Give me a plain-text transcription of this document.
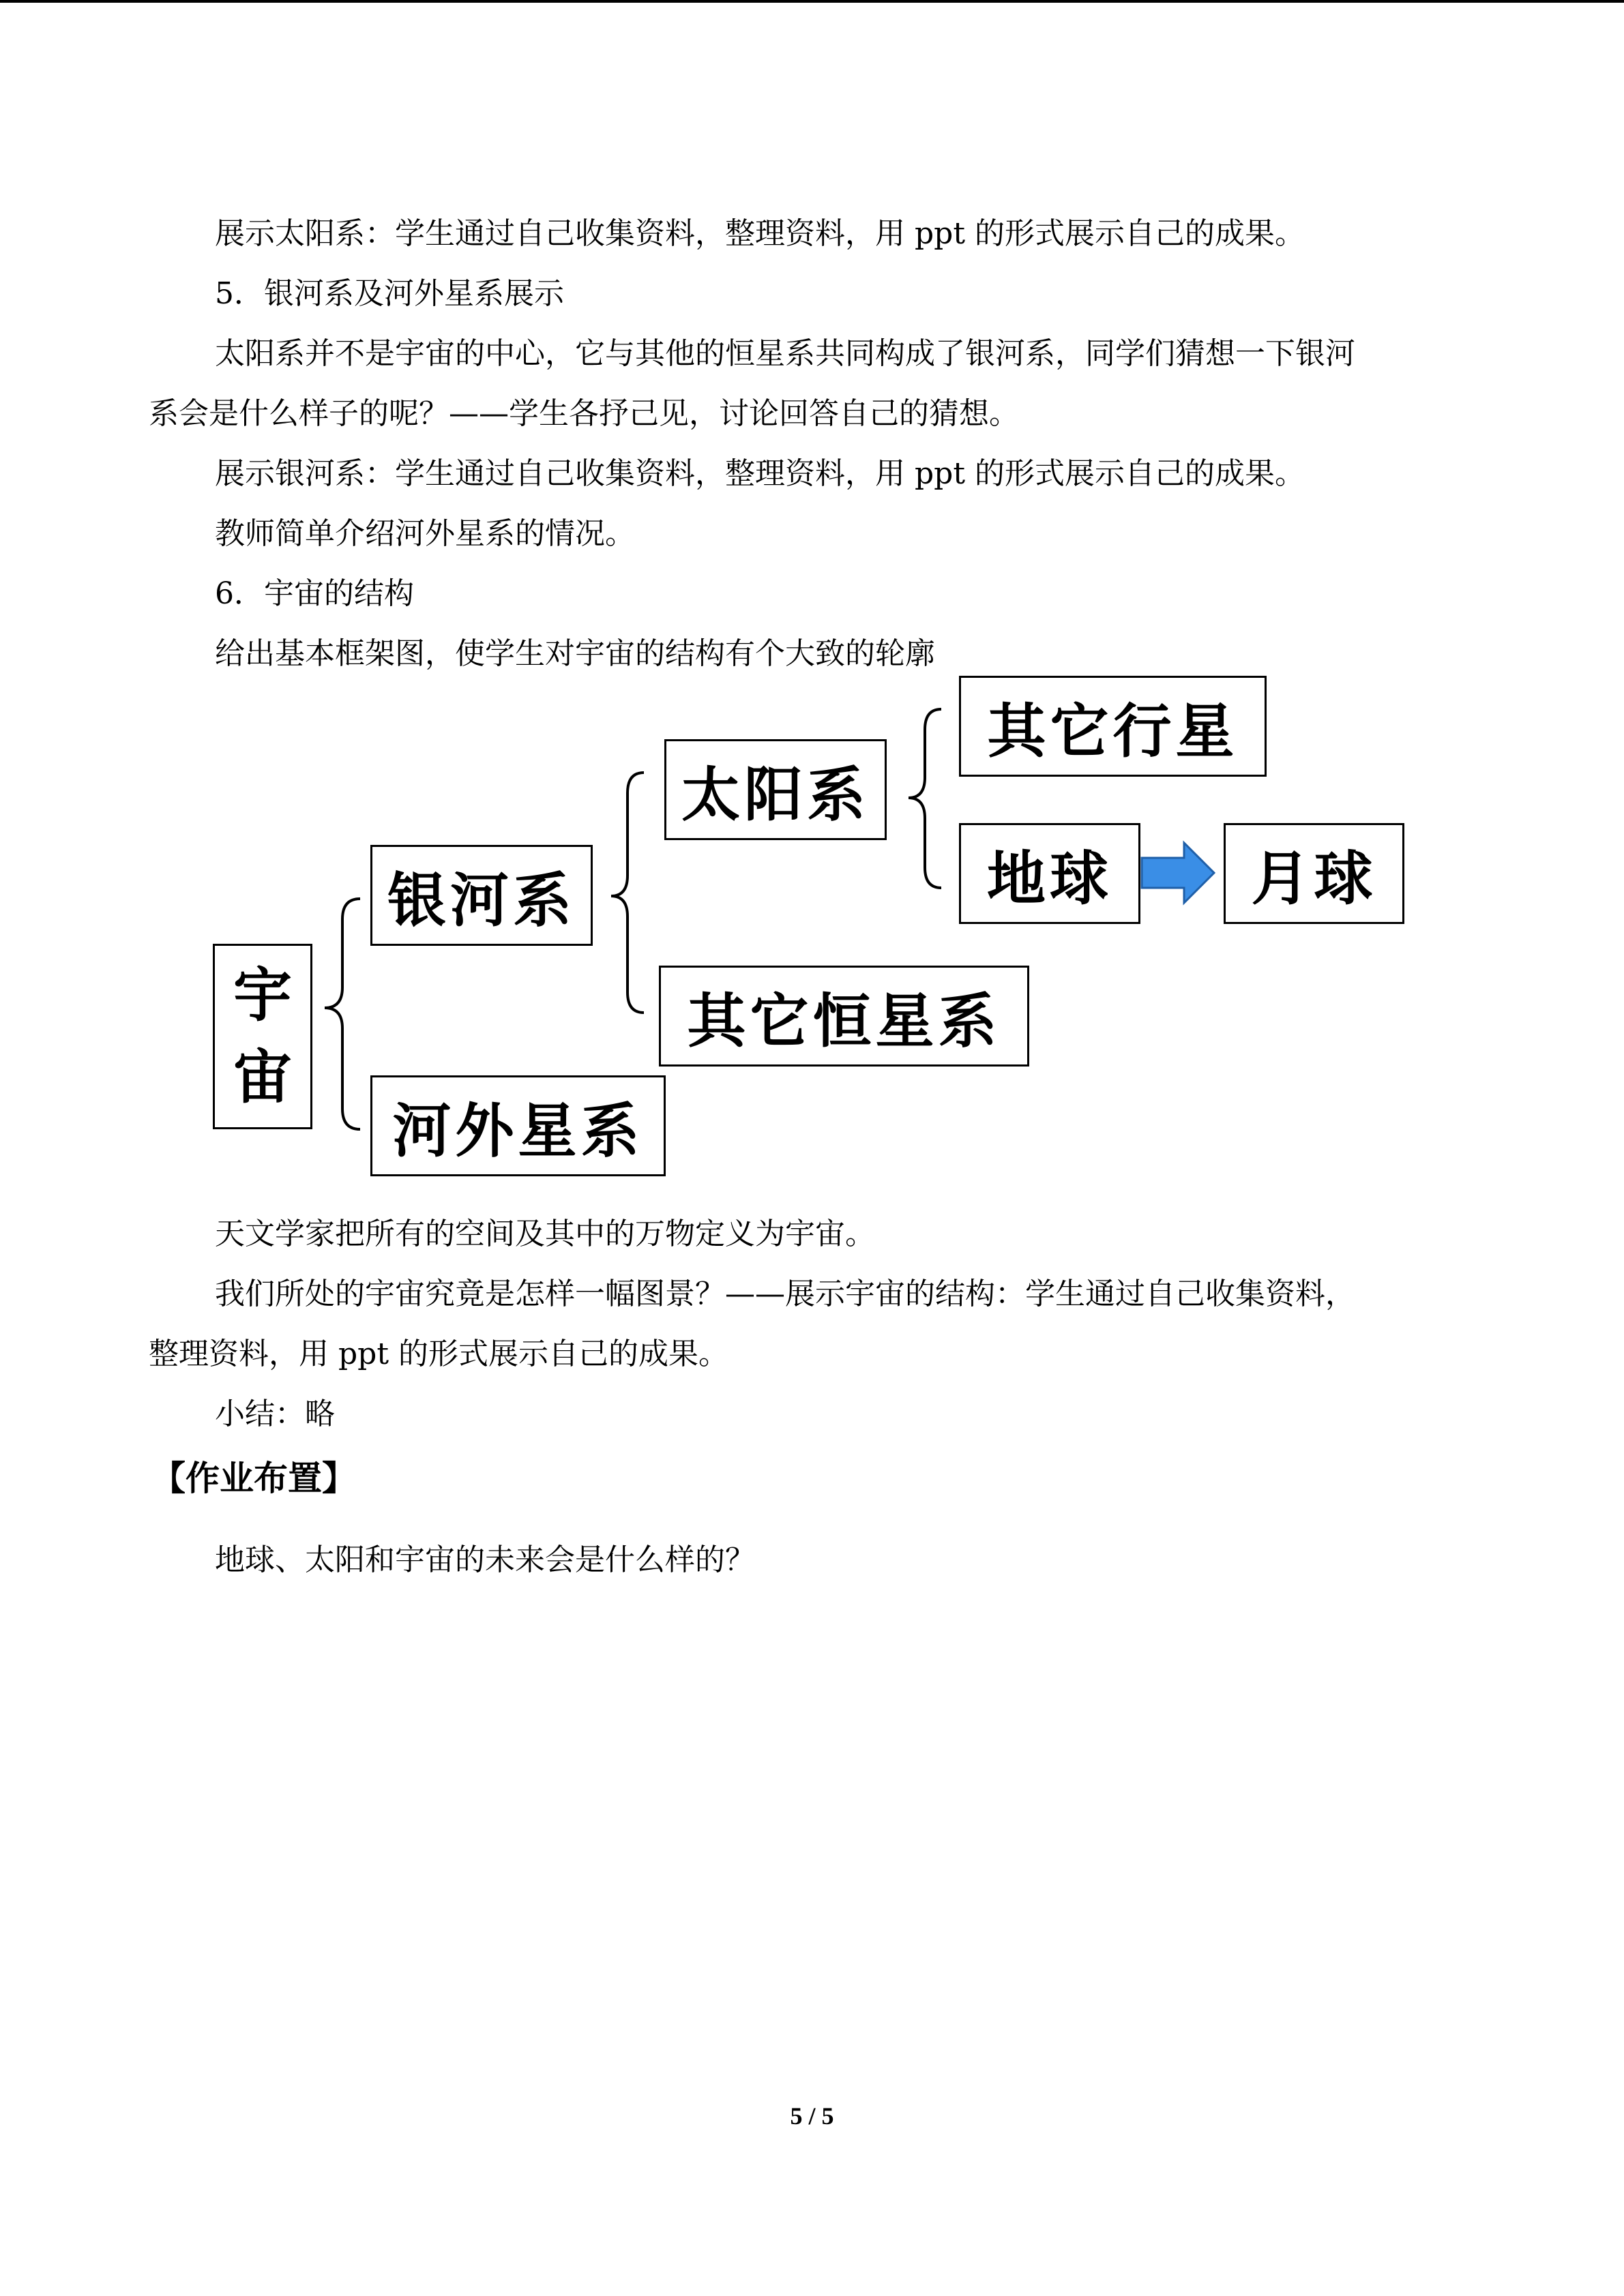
展示太阳系：学生通过自己收集资料，整理资料，用 ppt 的形式展示自己的成果。

5．银河系及河外星系展示

太阳系并不是宇宙的中心，它与其他的恒星系共同构成了银河系，同学们猜想一下银河

系会是什么样子的呢？——学生各抒己见，讨论回答自己的猜想。

展示银河系：学生通过自己收集资料，整理资料，用 ppt 的形式展示自己的成果。

教师简单介绍河外星系的情况。

6．宇宙的结构

给出基本框架图，使学生对宇宙的结构有个大致的轮廓

宇
宙
银河系
河外星系
太阳系
其它恒星系
其它行星
地球	月球

天文学家把所有的空间及其中的万物定义为宇宙。

我们所处的宇宙究竟是怎样一幅图景？——展示宇宙的结构：学生通过自己收集资料，

整理资料，用 ppt 的形式展示自己的成果。

小结：略

【作业布置】

地球、太阳和宇宙的未来会是什么样的？

5 / 5
